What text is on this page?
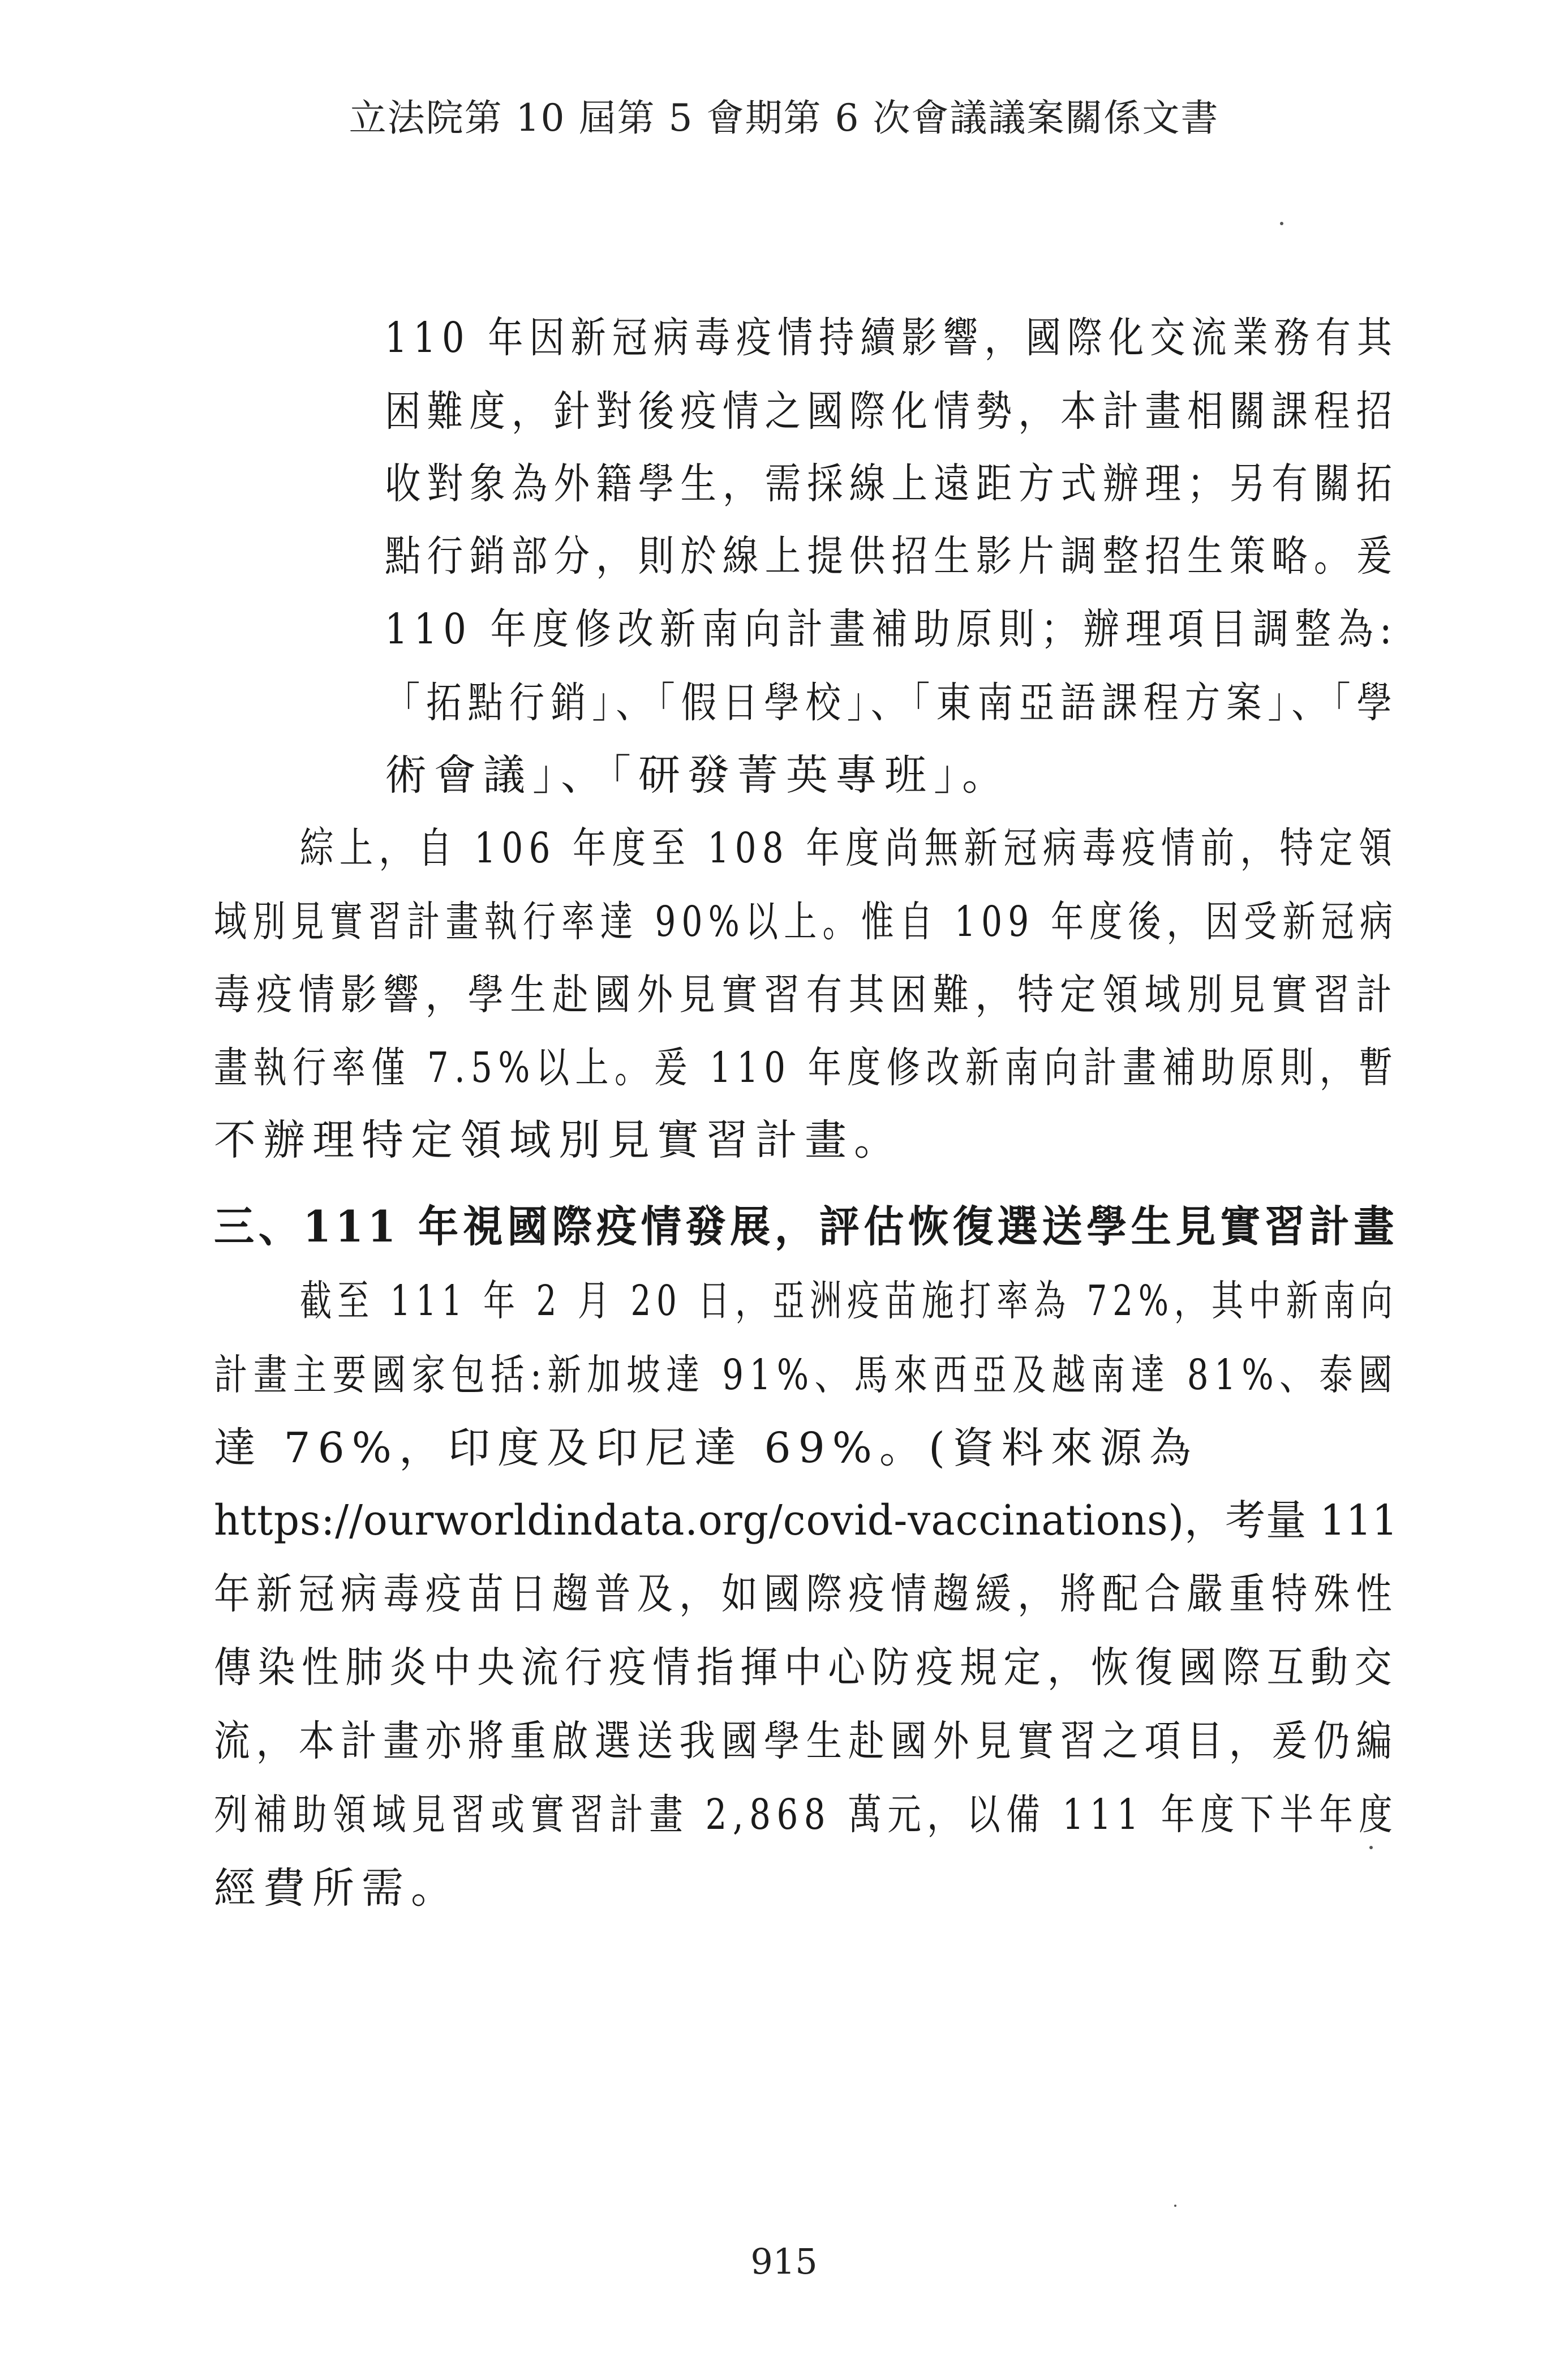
立法院第 10 屆第 5 會期第 6 次會議議案關係文書
110 年因新冠病毒疫情持續影響，國際化交流業務有其
困難度，針對後疫情之國際化情勢，本計畫相關課程招
收對象為外籍學生，需採線上遠距方式辦理；另有關拓
點行銷部分，則於線上提供招生影片調整招生策略。爰
110 年度修改新南向計畫補助原則；辦理項目調整為:
「拓點行銷」、「假日學校」、「東南亞語課程方案」、「學
術會議」、「研發菁英專班」。
綜上，自 106 年度至 108 年度尚無新冠病毒疫情前，特定領
域別見實習計畫執行率達 90%以上。惟自 109 年度後，因受新冠病
毒疫情影響，學生赴國外見實習有其困難，特定領域別見實習計
畫執行率僅 7.5%以上。爰 110 年度修改新南向計畫補助原則，暫
不辦理特定領域別見實習計畫。
三、111 年視國際疫情發展，評估恢復選送學生見實習計畫
截至 111 年 2 月 20 日，亞洲疫苗施打率為 72%，其中新南向
計畫主要國家包括:新加坡達 91%、馬來西亞及越南達 81%、泰國
達 76%，印度及印尼達 69%。(資料來源為
https://ourworldindata.org/covid-vaccinations)，考量 111
年新冠病毒疫苗日趨普及，如國際疫情趨緩，將配合嚴重特殊性
傳染性肺炎中央流行疫情指揮中心防疫規定，恢復國際互動交
流，本計畫亦將重啟選送我國學生赴國外見實習之項目，爰仍編
列補助領域見習或實習計畫 2,868 萬元，以備 111 年度下半年度
經費所需。
915
